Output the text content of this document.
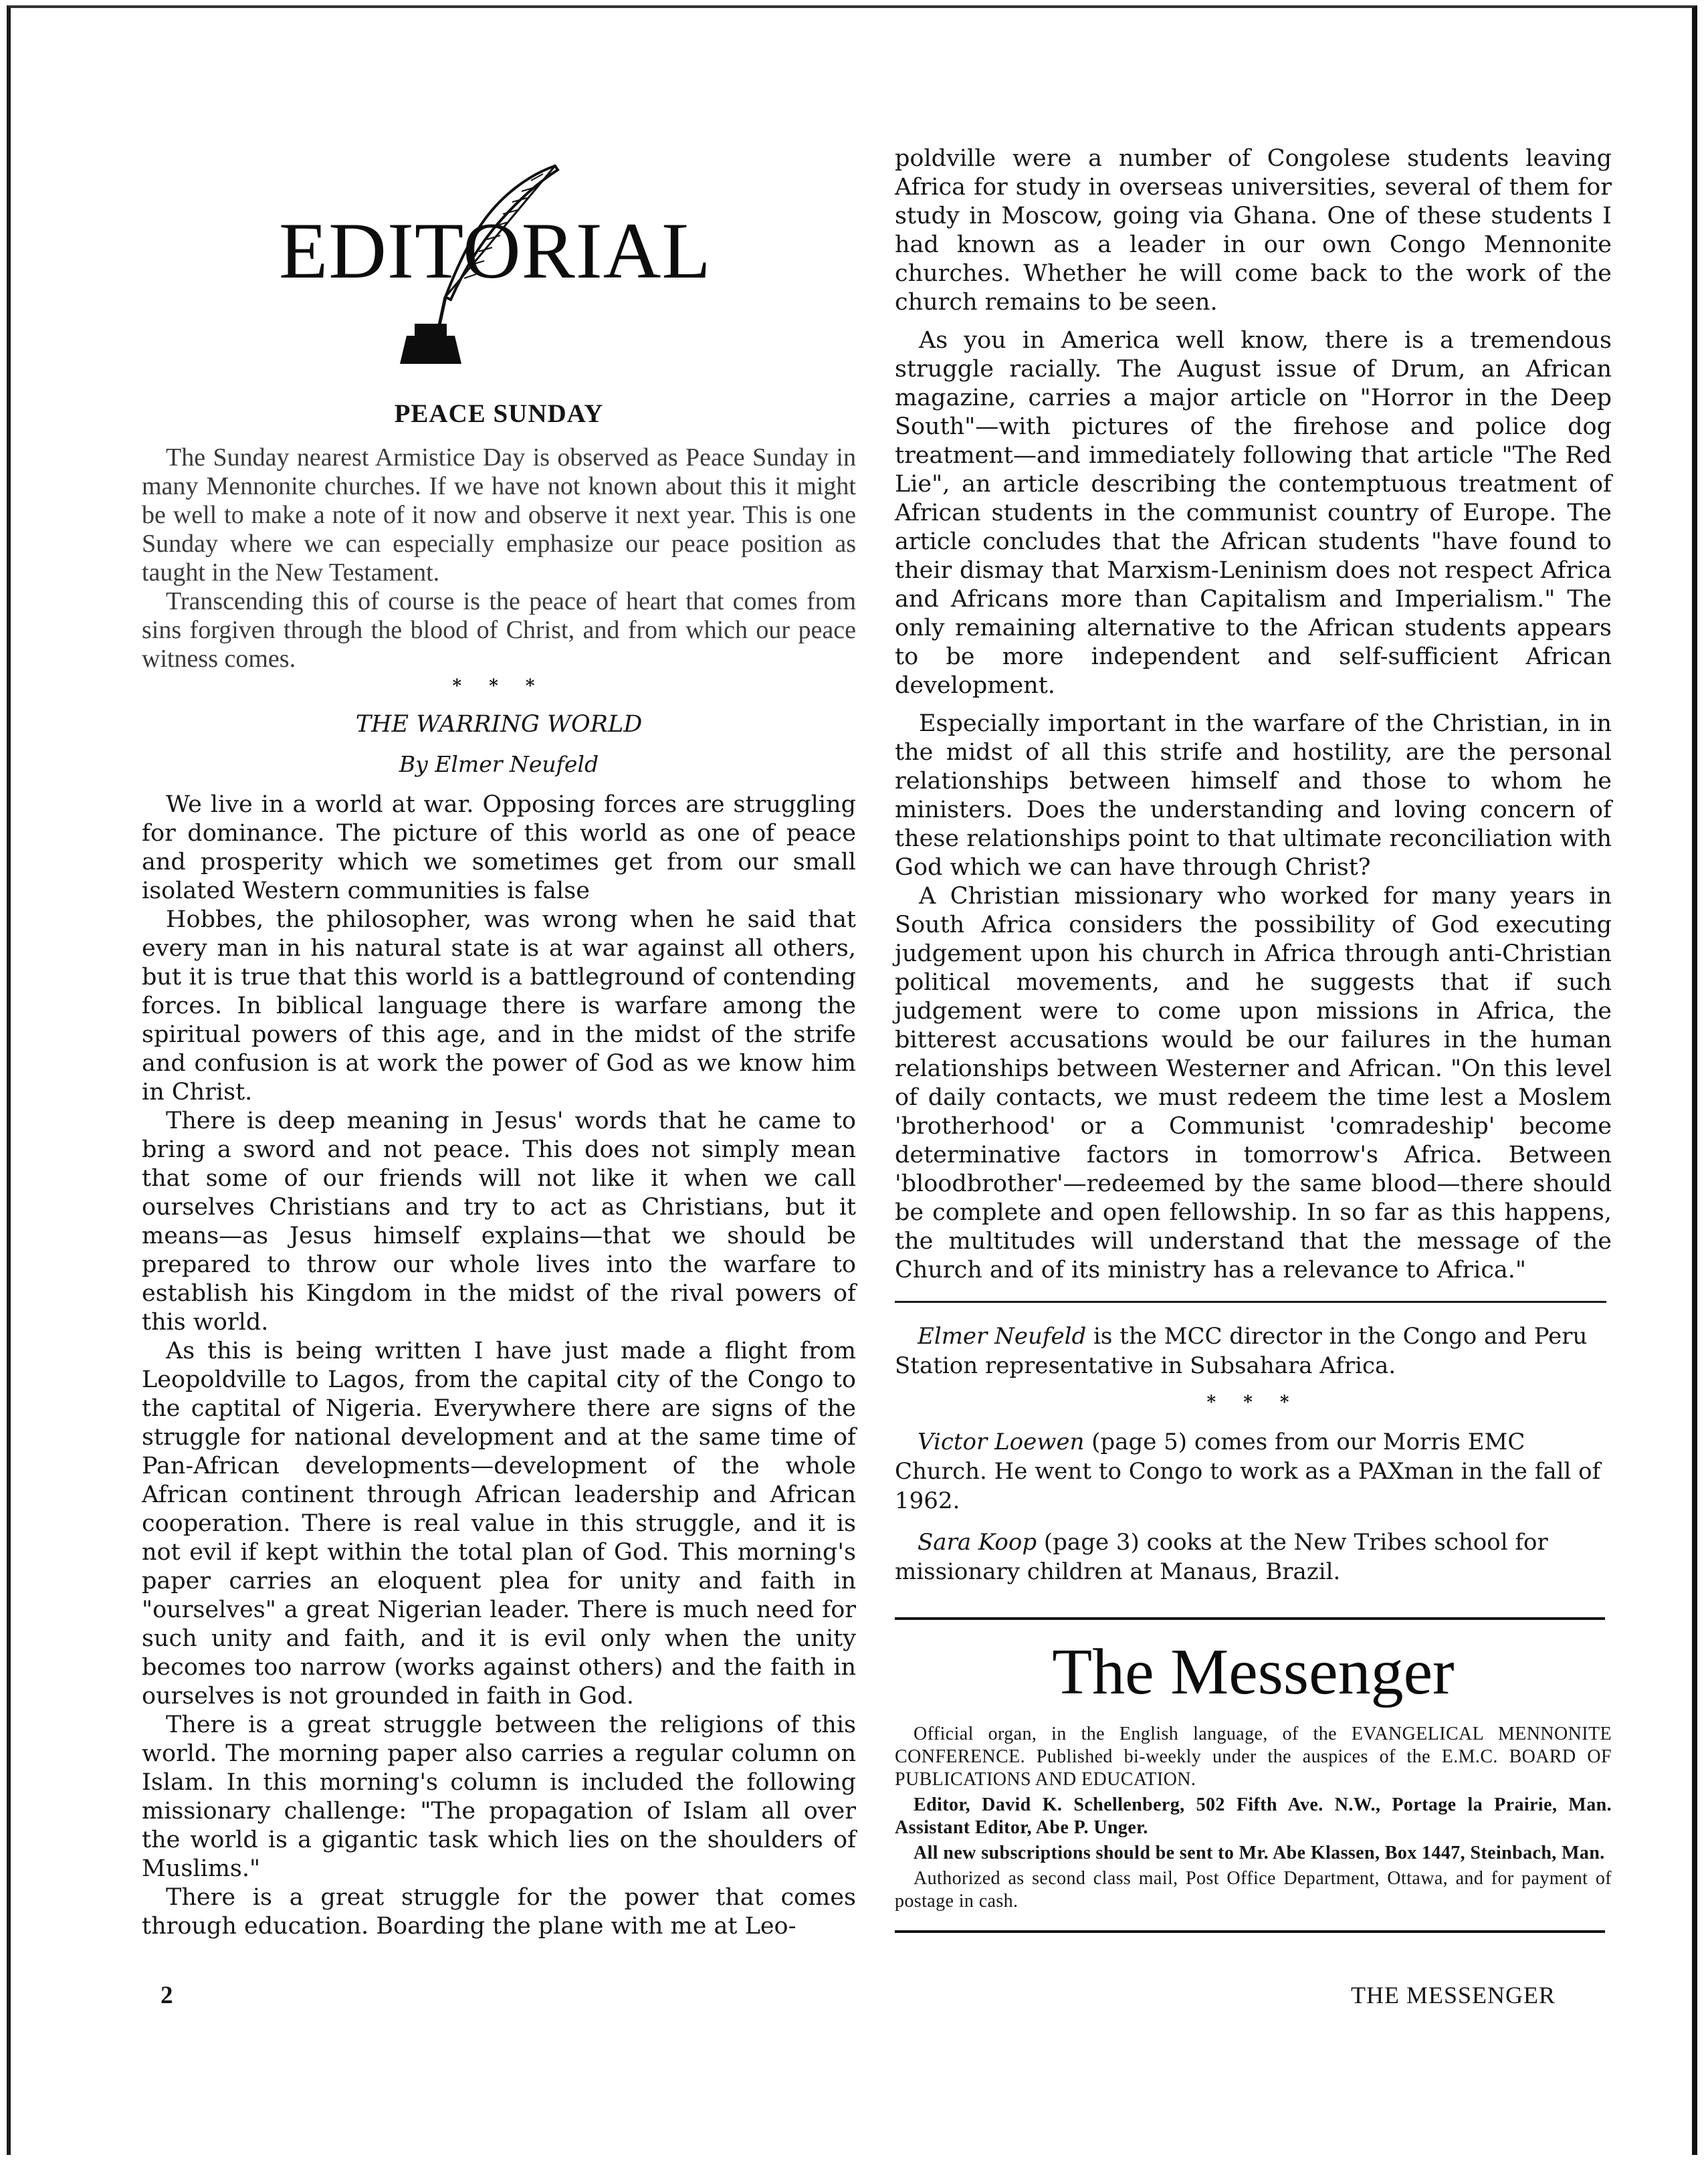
EDITORIAL
PEACE SUNDAY

The Sunday nearest Armistice Day is observed as Peace Sunday in many Mennonite churches. If we have not known about this it might be well to make a note of it now and observe it next year. This is one Sunday where we can especially emphasize our peace position as taught in the New Testament.

Transcending this of course is the peace of heart that comes from sins forgiven through the blood of Christ, and from which our peace witness comes.

* * *
THE WARRING WORLD
By Elmer Neufeld

We live in a world at war. Opposing forces are struggling for dominance. The picture of this world as one of peace and prosperity which we sometimes get from our small isolated Western communities is false

Hobbes, the philosopher, was wrong when he said that every man in his natural state is at war against all others, but it is true that this world is a battleground of contending forces. In biblical language there is warfare among the spiritual powers of this age, and in the midst of the strife and confusion is at work the power of God as we know him in Christ.

There is deep meaning in Jesus' words that he came to bring a sword and not peace. This does not simply mean that some of our friends will not like it when we call ourselves Christians and try to act as Christians, but it means—as Jesus himself explains—that we should be prepared to throw our whole lives into the warfare to establish his Kingdom in the midst of the rival powers of this world.

As this is being written I have just made a flight from Leopoldville to Lagos, from the capital city of the Congo to the captital of Nigeria. Everywhere there are signs of the struggle for national development and at the same time of Pan-African developments—development of the whole African continent through African leadership and African cooperation. There is real value in this struggle, and it is not evil if kept within the total plan of God. This morning's paper carries an eloquent plea for unity and faith in "ourselves" a great Nigerian leader. There is much need for such unity and faith, and it is evil only when the unity becomes too narrow (works against others) and the faith in ourselves is not grounded in faith in God.

There is a great struggle between the religions of this world. The morning paper also carries a regular column on Islam. In this morning's column is included the following missionary challenge: "The propagation of Islam all over the world is a gigantic task which lies on the shoulders of Muslims."

There is a great struggle for the power that comes through education. Boarding the plane with me at Leo-

poldville were a number of Congolese students leaving Africa for study in overseas universities, several of them for study in Moscow, going via Ghana. One of these students I had known as a leader in our own Congo Mennonite churches. Whether he will come back to the work of the church remains to be seen.

As you in America well know, there is a tremendous struggle racially. The August issue of Drum, an African magazine, carries a major article on "Horror in the Deep South"—with pictures of the firehose and police dog treatment—and immediately following that article "The Red Lie", an article describing the contemptuous treatment of African students in the communist country of Europe. The article concludes that the African students "have found to their dismay that Marxism-Leninism does not respect Africa and Africans more than Capitalism and Imperialism." The only remaining alternative to the African students appears to be more independent and self-sufficient African development.

Especially important in the warfare of the Christian, in in the midst of all this strife and hostility, are the personal relationships between himself and those to whom he ministers. Does the understanding and loving concern of these relationships point to that ultimate reconciliation with God which we can have through Christ?

A Christian missionary who worked for many years in South Africa considers the possibility of God executing judgement upon his church in Africa through anti-Christian political movements, and he suggests that if such judgement were to come upon missions in Africa, the bitterest accusations would be our failures in the human relationships between Westerner and African. "On this level of daily contacts, we must redeem the time lest a Moslem 'brotherhood' or a Communist 'comradeship' become determinative factors in tomorrow's Africa. Between 'bloodbrother'—redeemed by the same blood—there should be complete and open fellowship. In so far as this happens, the multitudes will understand that the message of the Church and of its ministry has a relevance to Africa."

Elmer Neufeld is the MCC director in the Congo and Peru Station representative in Subsahara Africa.

* * *

Victor Loewen (page 5) comes from our Morris EMC Church. He went to Congo to work as a PAXman in the fall of 1962.

Sara Koop (page 3) cooks at the New Tribes school for missionary children at Manaus, Brazil.

The Messenger

Official organ, in the English language, of the EVANGELICAL MENNONITE CONFERENCE. Published bi-weekly under the auspices of the E.M.C. BOARD OF PUBLICATIONS AND EDUCATION.

Editor, David K. Schellenberg, 502 Fifth Ave. N.W., Portage la Prairie, Man. Assistant Editor, Abe P. Unger.

All new subscriptions should be sent to Mr. Abe Klassen, Box 1447, Steinbach, Man.

Authorized as second class mail, Post Office Department, Ottawa, and for payment of postage in cash.

2	THE MESSENGER
